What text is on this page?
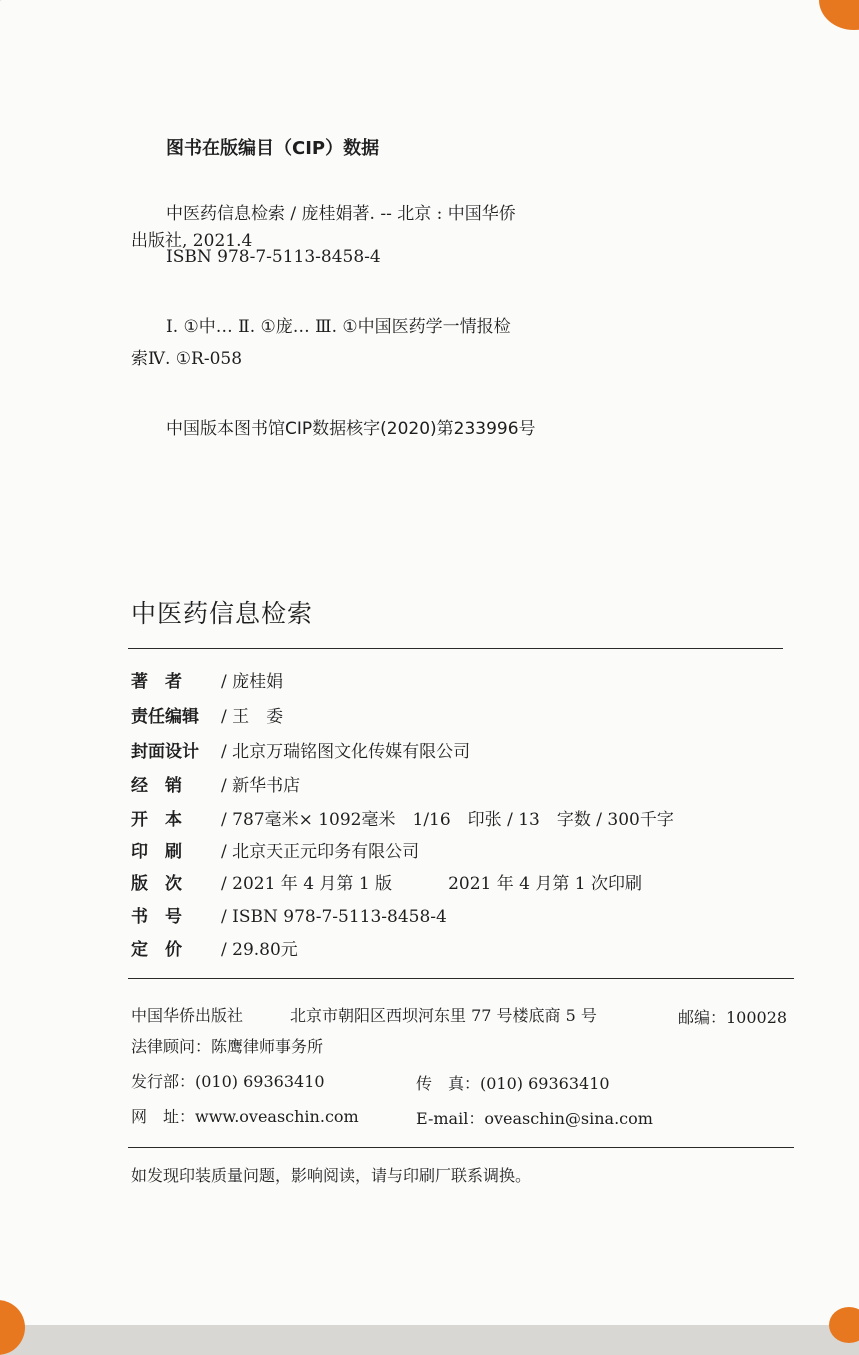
图书在版编目（CIP）数据
中医药信息检索 / 庞桂娟著. -- 北京 : 中国华侨
出版社, 2021.4
ISBN 978-7-5113-8458-4
Ⅰ. ①中… Ⅱ. ①庞… Ⅲ. ①中国医药学一情报检
索Ⅳ. ①R-058
中国版本图书馆CIP数据核字(2020)第233996号
中医药信息检索
著　者 / 庞桂娟
责任编辑 / 王　委
封面设计 / 北京万瑞铭图文化传媒有限公司
经　销 / 新华书店
开　本 / 787毫米× 1092毫米　1/16　印张 / 13　字数 / 300千字
印　刷 / 北京天正元印务有限公司
版　次 / 2021 年 4 月第 1 版	2021 年 4 月第 1 次印刷
书　号 / ISBN 978-7-5113-8458-4
定　价 / 29.80元
中国华侨出版社	北京市朝阳区西坝河东里 77 号楼底商 5 号	邮编：100028
法律顾问：陈鹰律师事务所
发行部：(010) 69363410	传　真：(010) 69363410
网　址：www.oveaschin.com	E-mail：oveaschin@sina.com
如发现印装质量问题，影响阅读，请与印刷厂联系调换。
